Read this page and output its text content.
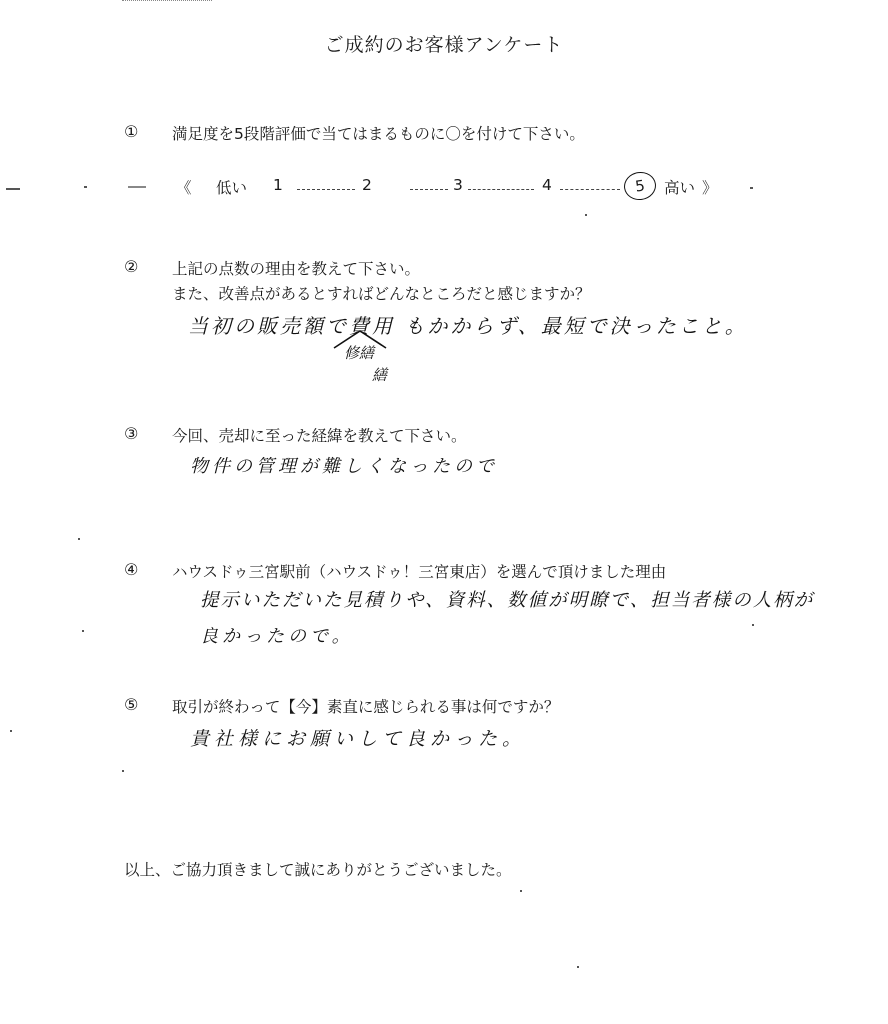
ご成約のお客様アンケート
① 満足度を5段階評価で当てはまるものに〇を付けて下さい。
《 低い 1	2	3	4	5 高い 》
② 上記の点数の理由を教えて下さい。
また、改善点があるとすればどんなところだと感じますか？
当初の販売額で費用 もかからず、最短で決ったこと。
修繕
繕
③ 今回、売却に至った経緯を教えて下さい。
物件の管理が難しくなったので
④ ハウスドゥ三宮駅前（ハウスドゥ！三宮東店）を選んで頂けました理由
提示いただいた見積りや、資料、数値が明瞭で、担当者様の人柄が
良かったので。
⑤ 取引が終わって【今】素直に感じられる事は何ですか？
貴社様にお願いして良かった。
以上、ご協力頂きまして誠にありがとうございました。
